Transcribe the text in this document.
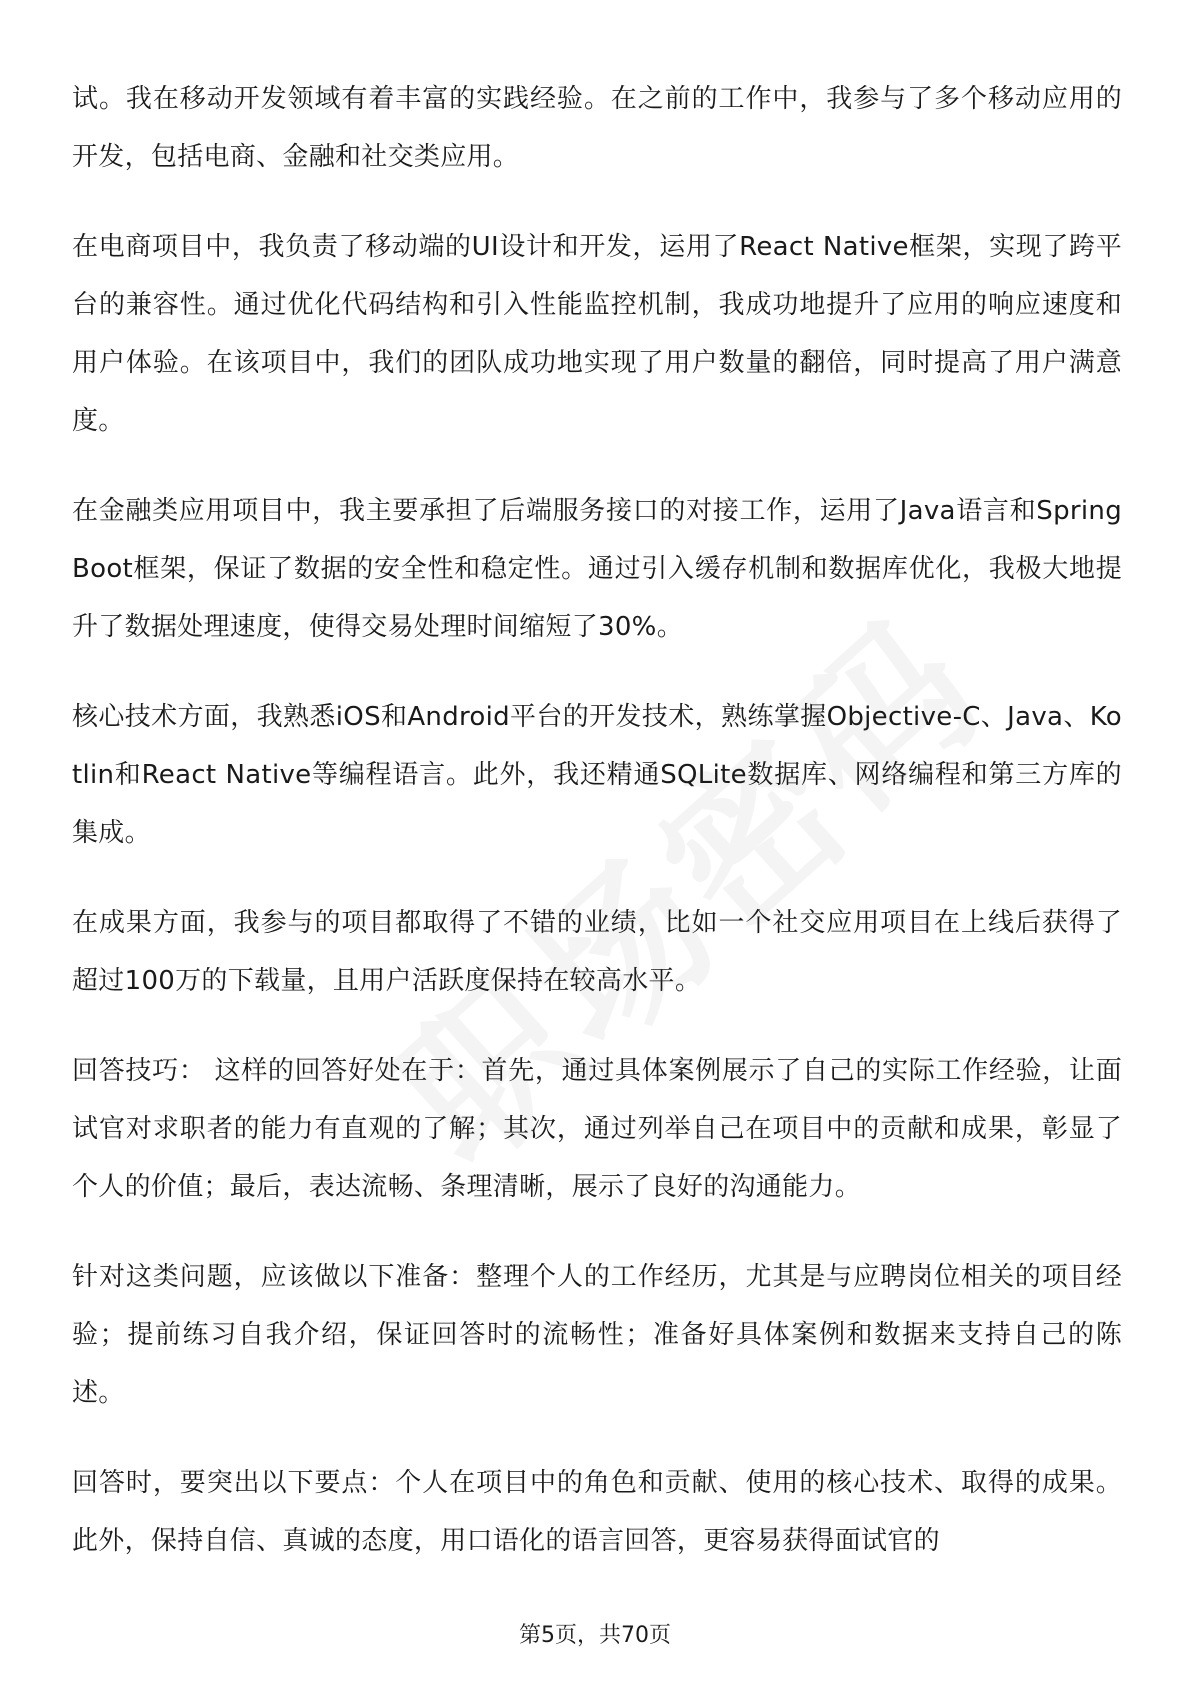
试。我在移动开发领域有着丰富的实践经验。在之前的工作中，我参与了多个移动应用的开发，包括电商、金融和社交类应用。

在电商项目中，我负责了移动端的UI设计和开发，运用了React Native框架，实现了跨平台的兼容性。通过优化代码结构和引入性能监控机制，我成功地提升了应用的响应速度和用户体验。在该项目中，我们的团队成功地实现了用户数量的翻倍，同时提高了用户满意度。

在金融类应用项目中，我主要承担了后端服务接口的对接工作，运用了Java语言和Spring Boot框架，保证了数据的安全性和稳定性。通过引入缓存机制和数据库优化，我极大地提升了数据处理速度，使得交易处理时间缩短了30%。

核心技术方面，我熟悉iOS和Android平台的开发技术，熟练掌握Objective-C、Java、Kotlin和React Native等编程语言。此外，我还精通SQLite数据库、网络编程和第三方库的集成。

在成果方面，我参与的项目都取得了不错的业绩，比如一个社交应用项目在上线后获得了超过100万的下载量，且用户活跃度保持在较高水平。

回答技巧： 这样的回答好处在于：首先，通过具体案例展示了自己的实际工作经验，让面试官对求职者的能力有直观的了解；其次，通过列举自己在项目中的贡献和成果，彰显了个人的价值；最后，表达流畅、条理清晰，展示了良好的沟通能力。

针对这类问题，应该做以下准备：整理个人的工作经历，尤其是与应聘岗位相关的项目经验；提前练习自我介绍，保证回答时的流畅性；准备好具体案例和数据来支持自己的陈述。

回答时，要突出以下要点：个人在项目中的角色和贡献、使用的核心技术、取得的成果。此外，保持自信、真诚的态度，用口语化的语言回答，更容易获得面试官的

第5页，共70页
